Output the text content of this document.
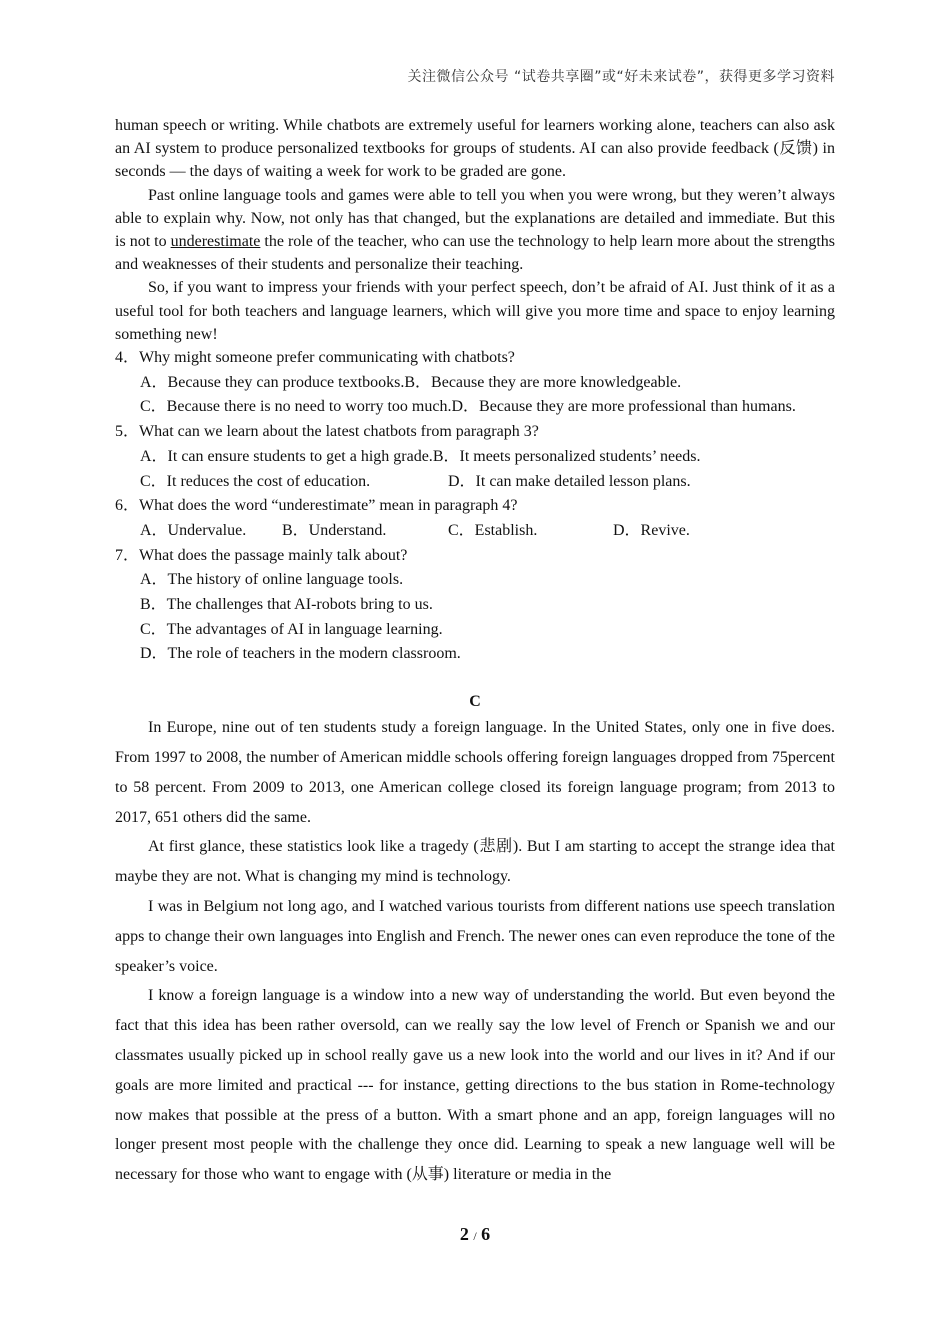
关注微信公众号 “试卷共享圈”或“好未来试卷”，获得更多学习资料

human speech or writing. While chatbots are extremely useful for learners working alone, teachers can also ask an AI system to produce personalized textbooks for groups of students. AI can also provide feedback (反馈) in seconds — the days of waiting a week for work to be graded are gone.

Past online language tools and games were able to tell you when you were wrong, but they weren’t always able to explain why. Now, not only has that changed, but the explanations are detailed and immediate. But this is not to underestimate the role of the teacher, who can use the technology to help learn more about the strengths and weaknesses of their students and personalize their teaching.

So, if you want to impress your friends with your perfect speech, don’t be afraid of AI. Just think of it as a useful tool for both teachers and language learners, which will give you more time and space to enjoy learning something new!

4．Why might someone prefer communicating with chatbots?

A．Because they can produce textbooks.B．Because they are more knowledgeable.

C．Because there is no need to worry too much.D．Because they are more professional than humans.

5．What can we learn about the latest chatbots from paragraph 3?

A．It can ensure students to get a high grade.B．It meets personalized students’ needs.

C．It reduces the cost of education.	D．It can make detailed lesson plans.

6．What does the word “underestimate” mean in paragraph 4?

A．Undervalue. B．Understand.	C．Establish.	D．Revive.

7．What does the passage mainly talk about?

A．The history of online language tools.

B．The challenges that AI-robots bring to us.

C．The advantages of AI in language learning.

D．The role of teachers in the modern classroom.

C

In Europe, nine out of ten students study a foreign language. In the United States, only one in five does. From 1997 to 2008, the number of American middle schools offering foreign languages dropped from 75percent to 58 percent. From 2009 to 2013, one American college closed its foreign language program; from 2013 to 2017, 651 others did the same.

At first glance, these statistics look like a tragedy (悲剧). But I am starting to accept the strange idea that maybe they are not. What is changing my mind is technology.

I was in Belgium not long ago, and I watched various tourists from different nations use speech translation apps to change their own languages into English and French. The newer ones can even reproduce the tone of the speaker’s voice.

I know a foreign language is a window into a new way of understanding the world. But even beyond the fact that this idea has been rather oversold, can we really say the low level of French or Spanish we and our classmates usually picked up in school really gave us a new look into the world and our lives in it? And if our goals are more limited and practical --- for instance, getting directions to the bus station in Rome-technology now makes that possible at the press of a button. With a smart phone and an app, foreign languages will no longer present most people with the challenge they once did. Learning to speak a new language well will be necessary for those who want to engage with (从事) literature or media in the

2 / 6
